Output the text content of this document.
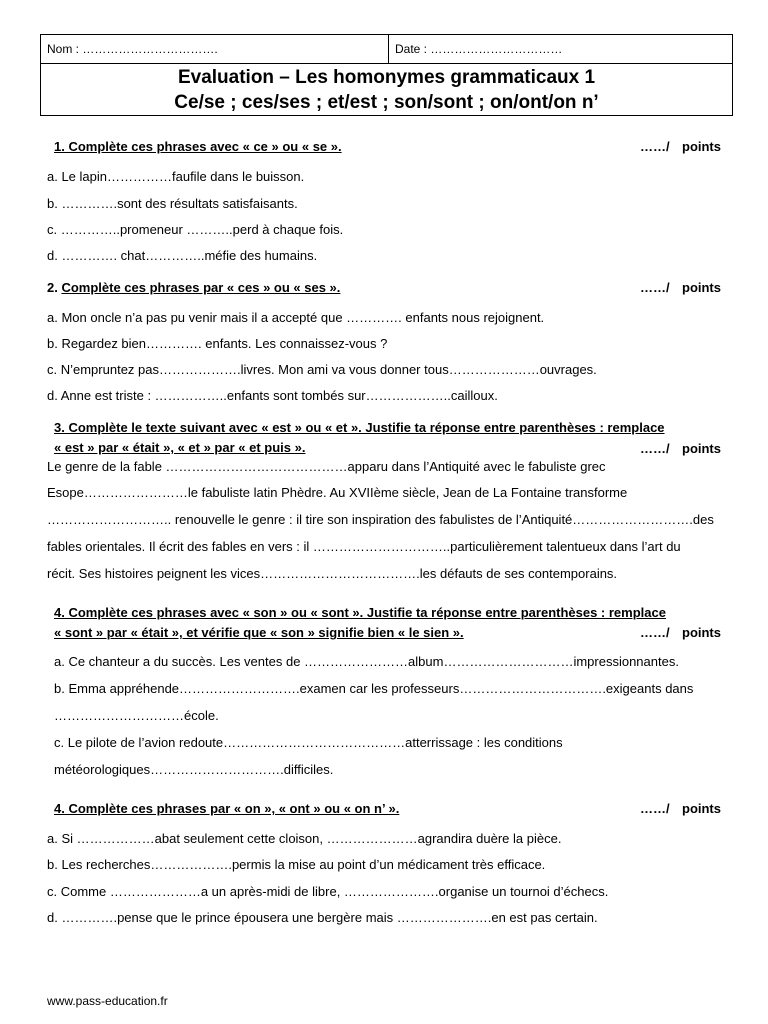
Nom : …………………………….	Date : ……………………………
Evaluation – Les homonymes grammaticaux 1
Ce/se ; ces/ses ; et/est ; son/sont ; on/ont/on n’
1. Complète ces phrases avec « ce » ou « se ».	……/ points
a. Le lapin……………faufile dans le buisson.
b. ………….sont des résultats satisfaisants.
c. …………..promeneur ………..perd à chaque fois.
d. …………. chat…………..méfie des humains.
2. Complète ces phrases par « ces » ou « ses ».	……/ points
a. Mon oncle n’a pas pu venir mais il a accepté que …………. enfants nous rejoignent.
b. Regardez bien…………. enfants. Les connaissez-vous ?
c. N’empruntez pas……………….livres. Mon ami va vous donner tous…………………ouvrages.
d. Anne est triste : ……………..enfants sont tombés sur………………..cailloux.
3. Complète le texte suivant avec « est » ou « et ». Justifie ta réponse entre parenthèses : remplace
« est » par « était », « et » par « et puis ».	……/ points
Le genre de la fable ……………………………………apparu dans l’Antiquité avec le fabuliste grec
Esope……………………le fabuliste latin Phèdre. Au XVIIème siècle, Jean de La Fontaine transforme
……………………….. renouvelle le genre : il tire son inspiration des fabulistes de l’Antiquité……………………….des
fables orientales. Il écrit des fables en vers : il …………………………..particulièrement talentueux dans l’art du
récit. Ses histoires peignent les vices……………………………….les défauts de ses contemporains.
4. Complète ces phrases avec « son » ou « sont ». Justifie ta réponse entre parenthèses : remplace
« sont » par « était », et vérifie que « son » signifie bien « le sien ».	……/ points
a. Ce chanteur a du succès. Les ventes de ……………………album…………………………impressionnantes.
b. Emma appréhende……………………….examen car les professeurs…………………………….exigeants dans
…………………………école.
c. Le pilote de l’avion redoute……………………………………atterrissage : les conditions
météorologiques………………………….difficiles.
4. Complète ces phrases par « on », « ont » ou « on n’ ».	……/ points
a. Si ………………abat seulement cette cloison, …………………agrandira duère la pièce.
b. Les recherches……………….permis la mise au point d’un médicament très efficace.
c. Comme …………………a un après-midi de libre, ………………….organise un tournoi d’échecs.
d. ………….pense que le prince épousera une bergère mais ………………….en est pas certain.
www.pass-education.fr
